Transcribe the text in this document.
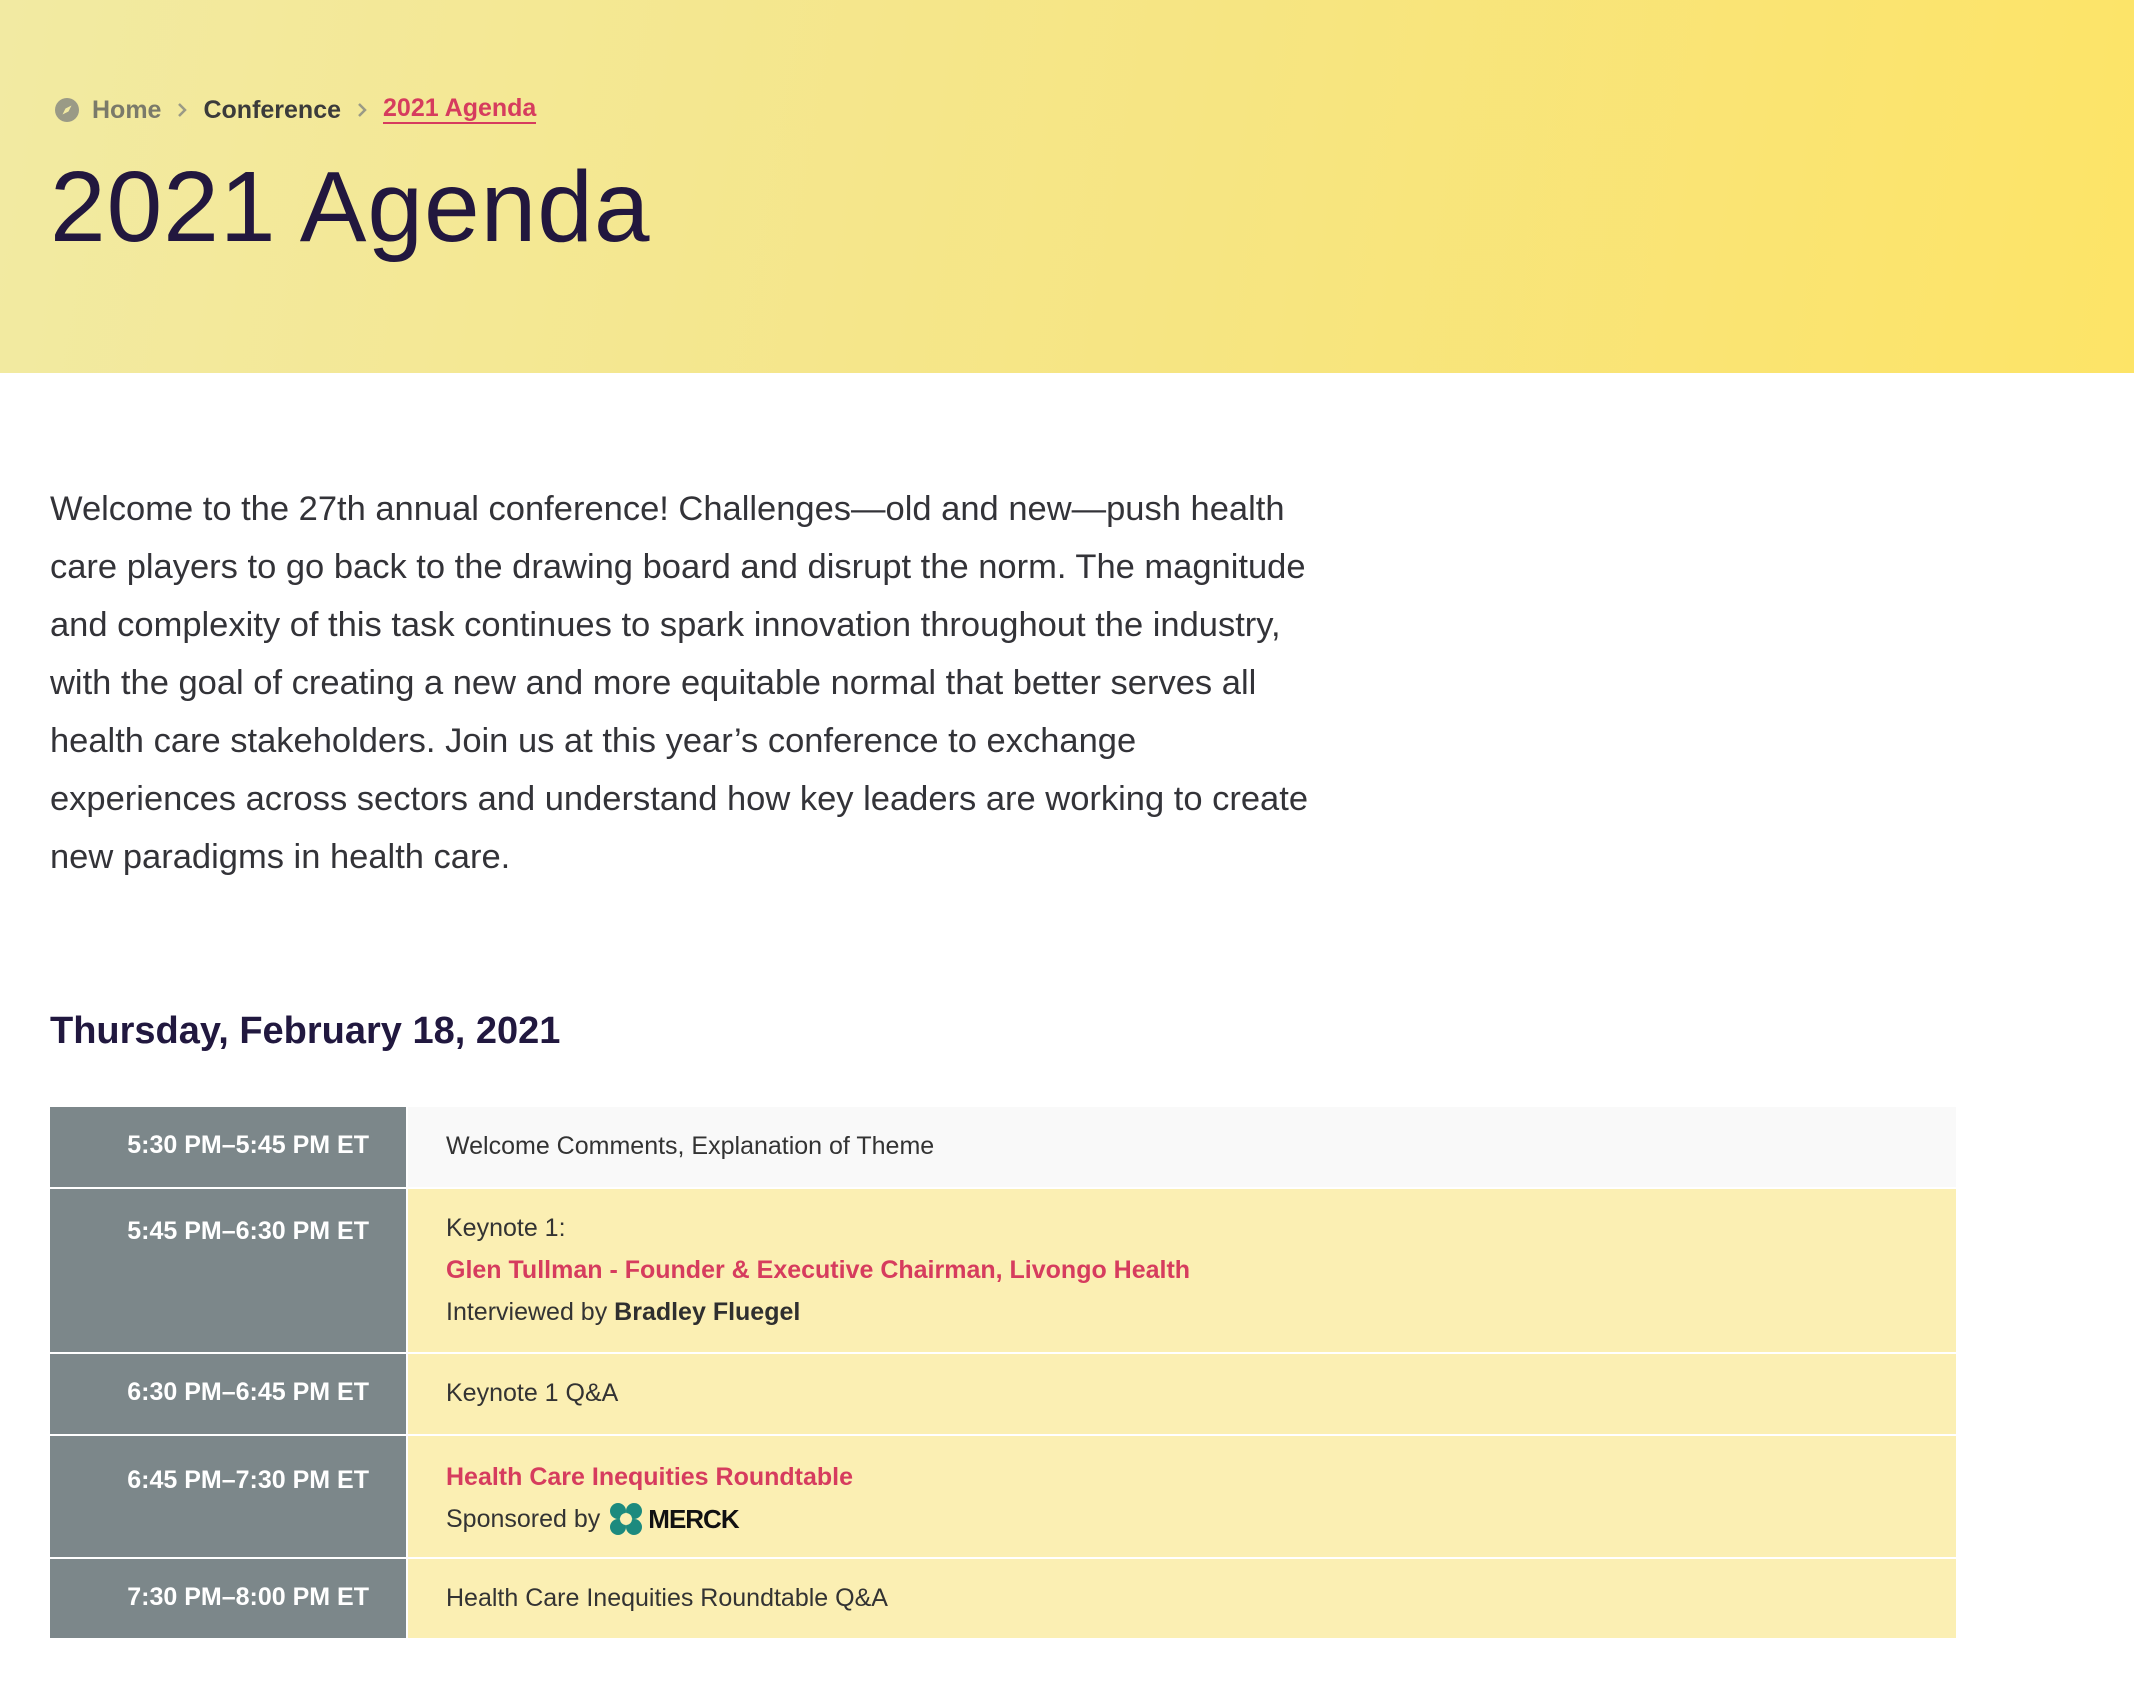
Home Conference 2021 Agenda
2021 Agenda

Welcome to the 27th annual conference! Challenges—old and new—push health care players to go back to the drawing board and disrupt the norm. The magnitude and complexity of this task continues to spark innovation throughout the industry, with the goal of creating a new and more equitable normal that better serves all health care stakeholders. Join us at this year’s conference to exchange experiences across sectors and understand how key leaders are working to create new paradigms in health care.

Thursday, February 18, 2021
5:30 PM–5:45 PM ET	Welcome Comments, Explanation of Theme
5:45 PM–6:30 PM ET	Keynote 1:
Glen Tullman - Founder & Executive Chairman, Livongo Health
Interviewed by Bradley Fluegel
6:30 PM–6:45 PM ET	Keynote 1 Q&A
6:45 PM–7:30 PM ET	Health Care Inequities Roundtable
Sponsored by MERCK
7:30 PM–8:00 PM ET	Health Care Inequities Roundtable Q&A
